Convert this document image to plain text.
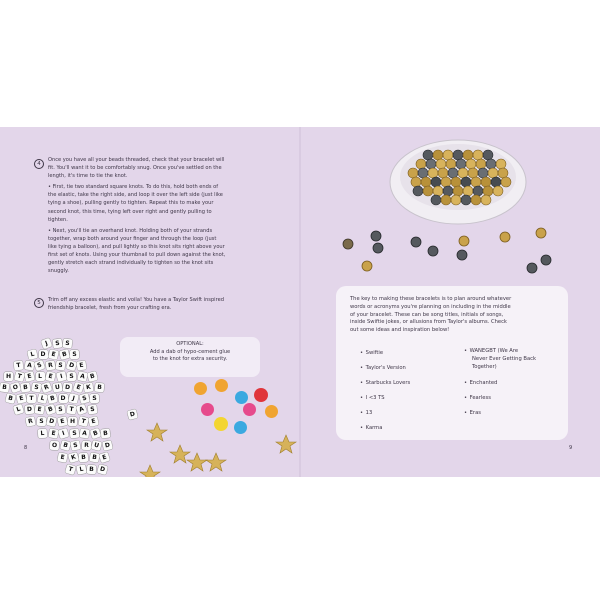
4

Once you have all your beads threaded, check that your bracelet will
fit. You'll want it to be comfortably snug. Once you've settled on the
length, it's time to tie the knot.

• First, tie two standard square knots. To do this, hold both ends of
the elastic, take the right side, and loop it over the left side (just like
tying a shoe), pulling gently to tighten. Repeat this to make your
second knot, this time, tying left over right and gently pulling to
tighten.

• Next, you'll tie an overhand knot. Holding both of your strands
together, wrap both around your finger and through the loop (just
like tying a balloon), and pull lightly so this knot sits right above your
first set of knots. Using your thumbnail to pull down against the knot,
gently stretch each strand individually to tighten so the knot sits
snuggly.

5	Trim off any excess elastic and voila! You have a Taylor Swift inspired
friendship bracelet, fresh from your crafting era.
OPTIONAL:
Add a dab of hypo-cement glue
to the knot for extra security.
J S S
L D E B S
T A S R S D E
H T E L E I	S A B
B O B S R U D E K B
B E T L B D	J S S
L D E B S T A S
R S D E H T E
L E I S A B B
O B S R U D
E K B B E
T L B D
D
8
The key to making these bracelets is to plan around whatever
words or acronyms you're planning on including in the middle
of your bracelet. These can be song titles, initials of songs,
inside Swiftie jokes, or allusions from Taylor's albums. Check
out some ideas and inspiration below!
• Swiftie
• Taylor's Version
• Starbucks Lovers
• I <3 TS
• 13
• Karma
• WANEGBT (We Are
Never Ever Getting Back
Together)
• Enchanted
• Fearless
• Eras
9
